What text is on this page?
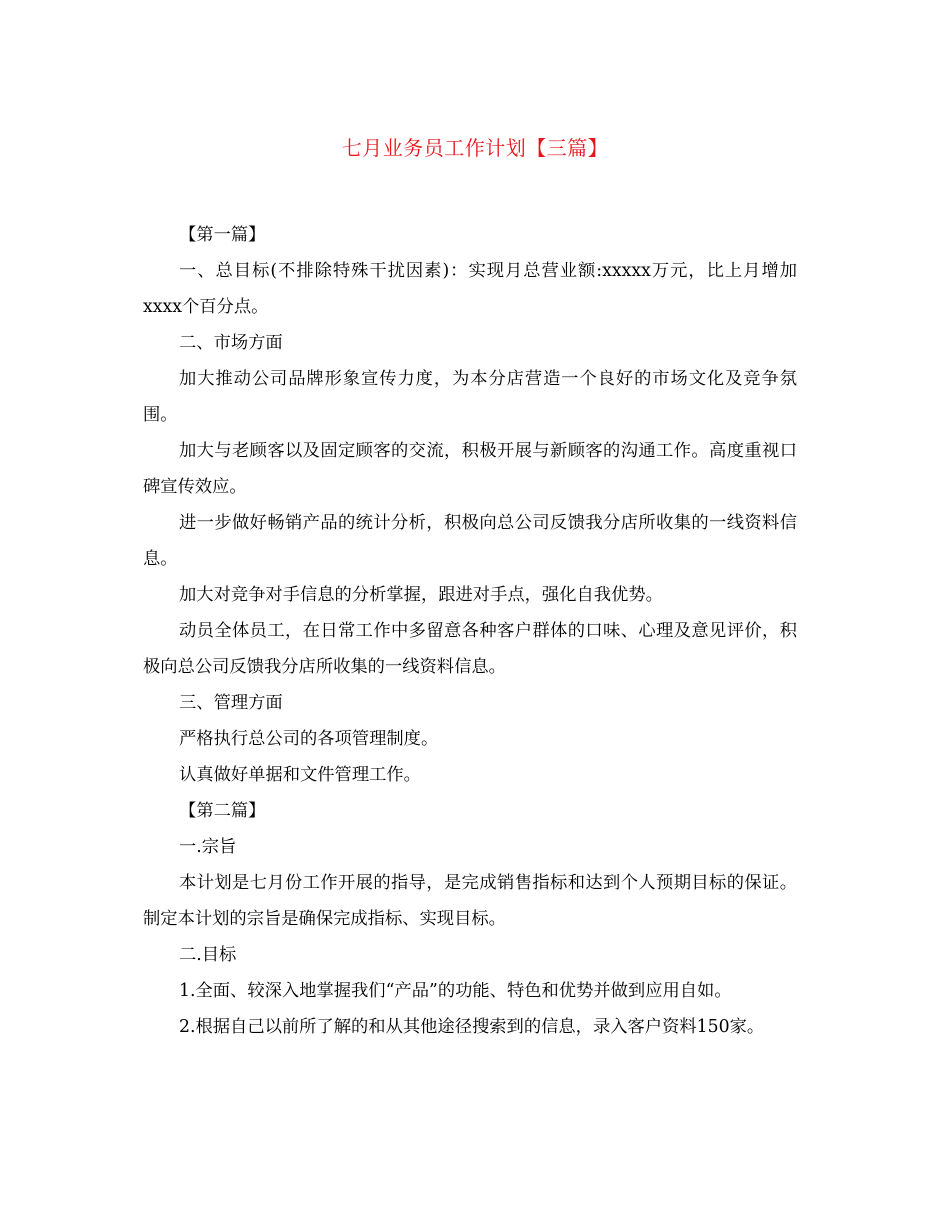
七月业务员工作计划【三篇】

【第一篇】

一、总目标(不排除特殊干扰因素)：实现月总营业额:xxxxx万元，比上月增加xxxx个百分点。

二、市场方面

加大推动公司品牌形象宣传力度，为本分店营造一个良好的市场文化及竞争氛围。

加大与老顾客以及固定顾客的交流，积极开展与新顾客的沟通工作。高度重视口碑宣传效应。

进一步做好畅销产品的统计分析，积极向总公司反馈我分店所收集的一线资料信息。

加大对竞争对手信息的分析掌握，跟进对手点，强化自我优势。

动员全体员工，在日常工作中多留意各种客户群体的口味、心理及意见评价，积极向总公司反馈我分店所收集的一线资料信息。

三、管理方面

严格执行总公司的各项管理制度。

认真做好单据和文件管理工作。

【第二篇】

一.宗旨

本计划是七月份工作开展的指导，是完成销售指标和达到个人预期目标的保证。制定本计划的宗旨是确保完成指标、实现目标。

二.目标

1.全面、较深入地掌握我们“产品”的功能、特色和优势并做到应用自如。

2.根据自己以前所了解的和从其他途径搜索到的信息，录入客户资料150家。
